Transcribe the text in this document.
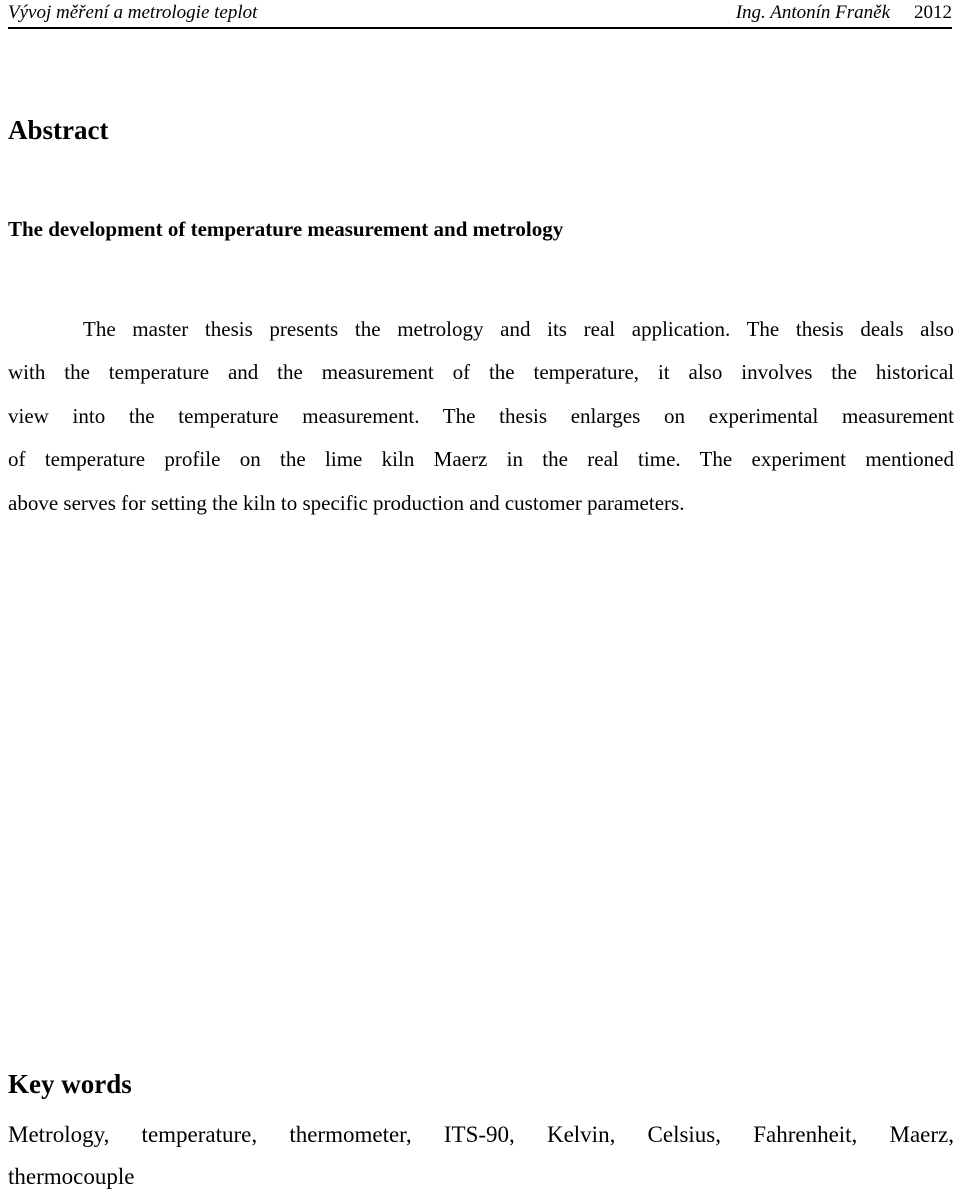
Vývoj měření a metrologie teplot	Ing. Antonín Franěk 2012
Abstract
The development of temperature measurement and metrology

The master thesis presents the metrology and its real application. The thesis deals also
with the temperature and the measurement of the temperature, it also involves the historical
view into the temperature measurement. The thesis enlarges on experimental measurement
of temperature profile on the lime kiln Maerz in the real time. The experiment mentioned
above serves for setting the kiln to specific production and customer parameters.

Key words

Metrology, temperature, thermometer, ITS-90, Kelvin, Celsius, Fahrenheit, Maerz,
thermocouple
